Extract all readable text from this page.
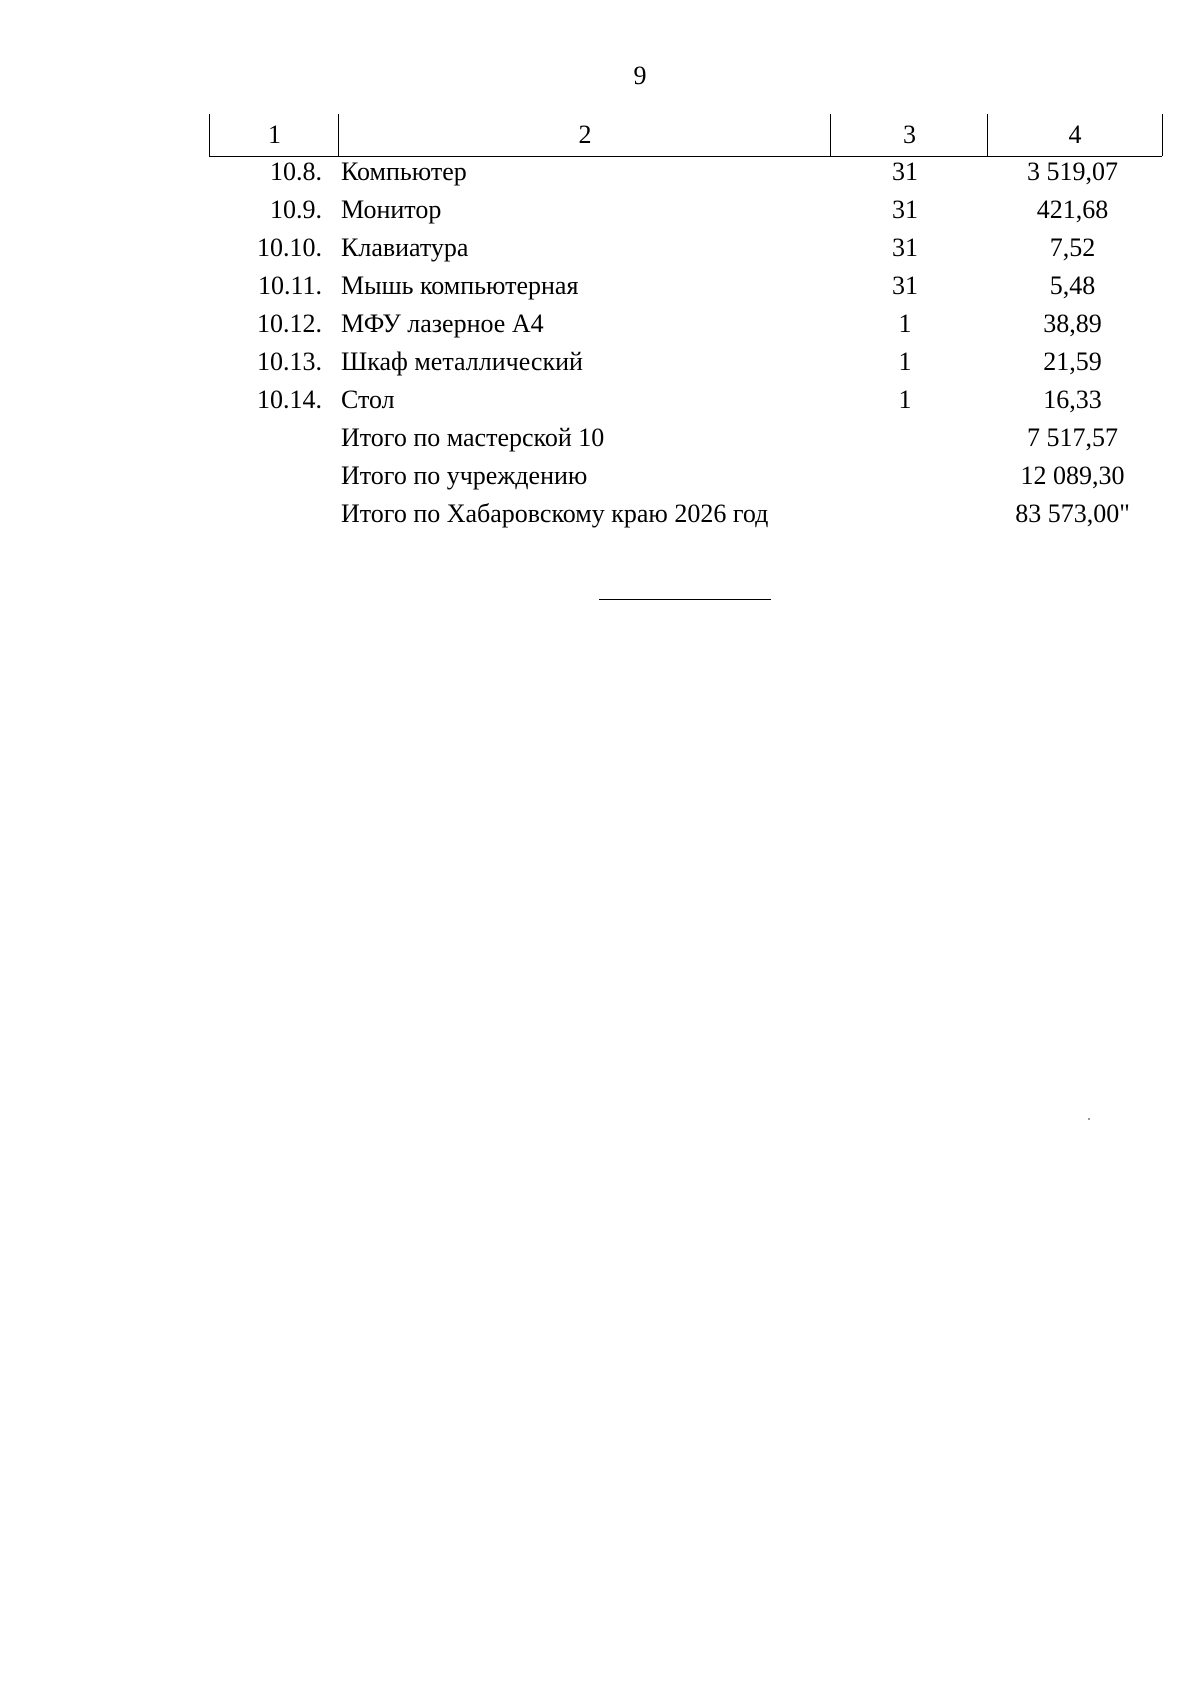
9
1	2	3	4
10.8. Компьютер	31	3 519,07
10.9. Монитор	31	421,68
10.10. Клавиатура	31	7,52
10.11. Мышь компьютерная	31	5,48
10.12. МФУ лазерное А4	1	38,89
10.13. Шкаф металлический	1	21,59
10.14. Стол	1	16,33
Итого по мастерской 10	7 517,57
Итого по учреждению	12 089,30
Итого по Хабаровскому краю 2026 год	83 573,00"
